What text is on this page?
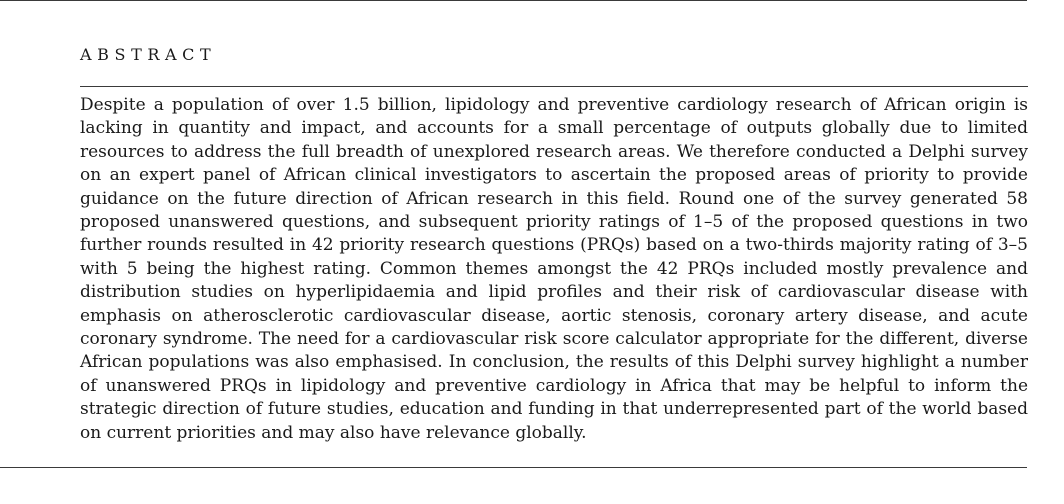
ABSTRACT

Despite a population of over 1.5 billion, lipidology and preventive cardiology research of African origin is lacking in quantity and impact, and accounts for a small percentage of outputs globally due to limited resources to address the full breadth of unexplored research areas. We therefore conducted a Delphi survey on an expert panel of African clinical investigators to ascertain the proposed areas of priority to provide guidance on the future direction of African research in this field. Round one of the survey generated 58 proposed unanswered questions, and subsequent priority ratings of 1–5 of the proposed questions in two further rounds resulted in 42 priority research questions (PRQs) based on a two-thirds majority rating of 3–5 with 5 being the highest rating. Common themes amongst the 42 PRQs included mostly prevalence and distribution studies on hyperlipidaemia and lipid profiles and their risk of cardiovascular disease with emphasis on atherosclerotic cardiovascular disease, aortic stenosis, coronary artery disease, and acute coronary syndrome. The need for a cardiovascular risk score calculator appropriate for the different, diverse African populations was also emphasised. In conclusion, the results of this Delphi survey highlight a number of unanswered PRQs in lipidology and preventive cardiology in Africa that may be helpful to inform the strategic direction of future studies, education and funding in that underrepresented part of the world based on current priorities and may also have relevance globally.
